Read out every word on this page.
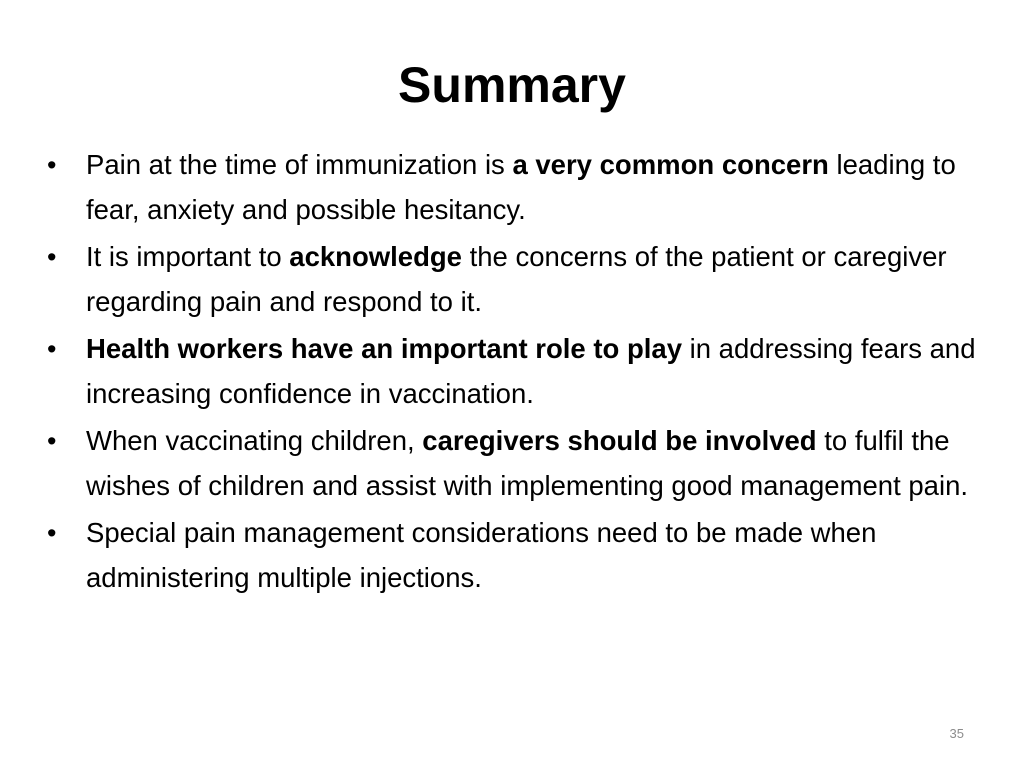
Summary
• Pain at the time of immunization is a very common concern leading to fear, anxiety and possible hesitancy.
• It is important to acknowledge the concerns of the patient or caregiver regarding pain and respond to it.
• Health workers have an important role to play in addressing fears and increasing confidence in vaccination.
• When vaccinating children, caregivers should be involved to fulfil the wishes of children and assist with implementing good management pain.
• Special pain management considerations need to be made when administering multiple injections.
35
